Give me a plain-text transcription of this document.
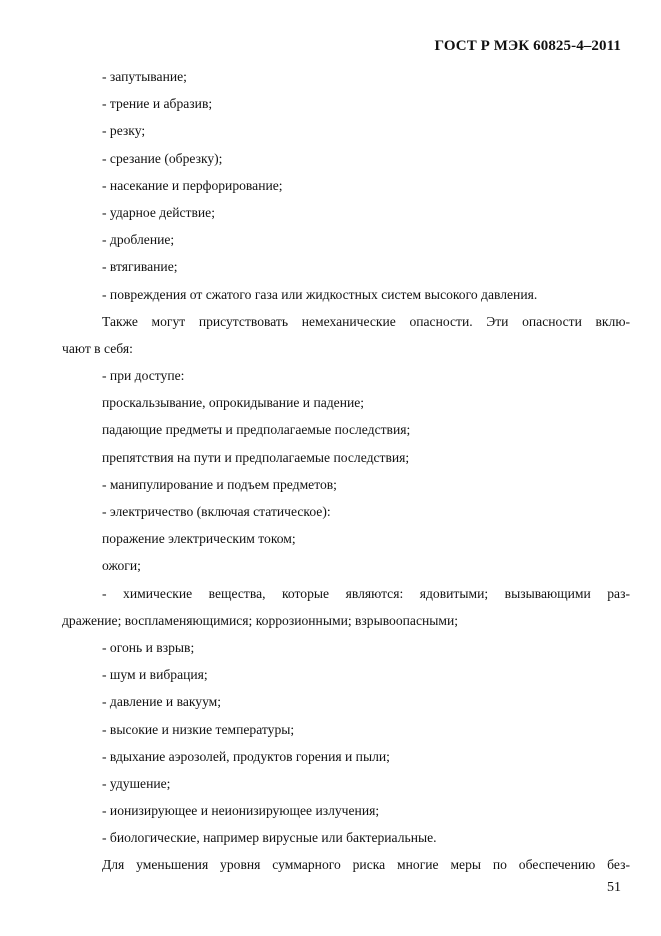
ГОСТ Р МЭК 60825-4–2011
- запутывание;
- трение и абразив;
- резку;
- срезание (обрезку);
- насекание и перфорирование;
- ударное действие;
- дробление;
- втягивание;
- повреждения от сжатого газа или жидкостных систем высокого давления.
Также могут присутствовать немеханические опасности. Эти опасности вклю-
чают в себя:
- при доступе:
проскальзывание, опрокидывание и падение;
падающие предметы и предполагаемые последствия;
препятствия на пути и предполагаемые последствия;
- манипулирование и подъем предметов;
- электричество (включая статическое):
поражение электрическим током;
ожоги;
- химические вещества, которые являются: ядовитыми; вызывающими раз-
дражение; воспламеняющимися; коррозионными; взрывоопасными;
- огонь и взрыв;
- шум и вибрация;
- давление и вакуум;
- высокие и низкие температуры;
- вдыхание аэрозолей, продуктов горения и пыли;
- удушение;
- ионизирующее и неионизирующее излучения;
- биологические, например вирусные или бактериальные.
Для уменьшения уровня суммарного риска многие меры по обеспечению без-
51
